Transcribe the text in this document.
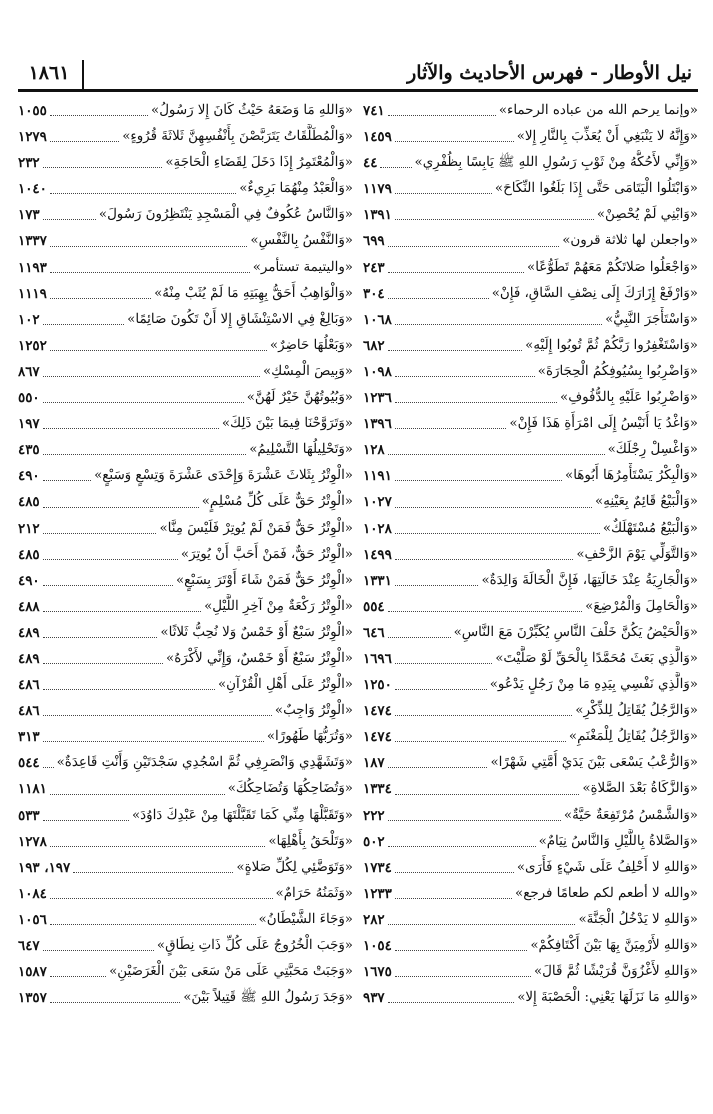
١٨٦١	نيل الأوطار - فهرس الأحاديث والآثار
«وإنما يرحم الله من عباده الرحماء»
٧٤١
«وَإِنَّهُ لا يَنْبَغِي أَنْ يُعَذِّبَ بِالنَّارِ إِلا»
١٤٥٩
«وَإِنِّي لأَحُكُّهُ مِنْ ثَوْبِ رَسُولِ اللهِ ﷺ يَابِسًا بِظُفْرِي»
٤٤
«وَابْتَلُوا الْيَتَامَى حَتَّى إِذَا بَلَغُوا النِّكَاحَ»
١١٧٩
«وَابْنِي لَمْ يُحْصِنْ»
١٣٩١
«واجعلن لها ثلاثة قرون»
٦٩٩
«وَاجْعَلُوا صَلاتَكُمْ مَعَهُمْ تَطَوُّعًا»
٢٤٣
«وَارْفَعْ إِزَارَكَ إِلَى نِصْفِ السَّاقِ، فَإِنْ»
٣٠٤
«وَاسْتَأْجَرَ النَّبِيُّ»
١٠٦٨
«وَاسْتَغْفِرُوا رَبَّكُمْ ثُمَّ تُوبُوا إِلَيْهِ»
٦٨٢
«وَاضْرِبُوا بِسُيُوفِكُمُ الْحِجَارَةَ»
١٠٩٨
«وَاضْرِبُوا عَلَيْهِ بِالدُّفُوفِ»
١٢٣٦
«وَاغْدُ يَا أُنَيْسُ إِلَى امْرَأَةِ هَذَا فَإِنْ»
١٣٩٦
«وَاغْسِلْ رِجْلَكَ»
١٢٨
«وَالْبِكْرُ يَسْتَأْمِرُهَا أَبُوهَا»
١١٩١
«وَالْبَيْعُ قَائِمٌ بِعَيْنِهِ»
١٠٢٧
«وَالْبَيْعُ مُسْتَهْلَكٌ»
١٠٢٨
«وَالتَّوَلِّي يَوْمَ الزَّحْفِ»
١٤٩٩
«وَالْجَارِيَةُ عِنْدَ خَالَتِهَا، فَإِنَّ الْخَالَةَ وَالِدَةٌ»
١٣٣١
«وَالْحَامِلَ وَالْمُرْضِعَ»
٥٥٤
«وَالْحَيْضُ يَكُنَّ خَلْفَ النَّاسِ يُكَبِّرْنَ مَعَ النَّاسِ»
٦٤٦
«وَالَّذِي بَعَثَ مُحَمَّدًا بِالْحَقِّ لَوْ صَلَّيْتَ»
١٦٩٦
«وَالَّذِي نَفْسِي بِيَدِهِ مَا مِنْ رَجُلٍ يَدْعُو»
١٢٥٠
«وَالرَّجُلُ يُقَاتِلُ لِلذِّكْرِ»
١٤٧٤
«وَالرَّجُلُ يُقَاتِلُ لِلْمَغْنَمِ»
١٤٧٤
«وَالرُّعْبُ يَسْعَى بَيْنَ يَدَيْ أُمَّتِي شَهْرًا»
١٨٧
«وَالزَّكَاةُ بَعْدَ الصَّلاةِ»
١٣٣٤
«وَالشَّمْسُ مُرْتَفِعَةٌ حَيَّةٌ»
٢٢٢
«وَالصَّلاةُ بِاللَّيْلِ وَالنَّاسُ نِيَامٌ»
٥٠٢
«وَاللهِ لا أَحْلِفُ عَلَى شَيْءٍ فَأَرَى»
١٧٣٤
«والله لا أطعم لكم طعامًا فرجع»
١٢٣٣
«وَاللهِ لا يَدْخُلُ الْجَنَّةَ»
٢٨٢
«وَاللهِ لأَرْمِيَنَّ بِهَا بَيْنَ أَكْتَافِكُمْ»
١٠٥٤
«وَاللهِ لأَغْزُوَنَّ قُرَيْشًا ثُمَّ قَالَ»
١٦٧٥
«وَاللهِ مَا نَزَلَهَا يَعْنِي: الْحَصْبَةَ إِلا»
٩٣٧
«وَاللهِ مَا وَضَعَهُ حَيْثُ كَانَ إِلا رَسُولُ»
١٠٥٥
«وَالْمُطَلَّقَاتُ يَتَرَبَّصْنَ بِأَنْفُسِهِنَّ ثَلاثَةَ قُرُوءٍ»
١٢٧٩
«وَالْمُعْتَمِرُ إِذَا دَخَلَ لِقَضَاءِ الْحَاجَةِ»
٢٣٢
«وَالْعَبْدُ مِنْهُمَا بَرِيءٌ»
١٠٤٠
«وَالنَّاسُ عُكُوفٌ فِي الْمَسْجِدِ يَنْتَظِرُونَ رَسُولَ»
١٧٣
«وَالنَّفْسُ بِالنَّفْسِ»
١٣٣٧
«واليتيمة تستأمر»
١١٩٣
«وَالْوَاهِبُ أَحَقُّ بِهِبَتِهِ مَا لَمْ يُثَبْ مِنْهُ»
١١١٩
«وَبَالِغْ فِي الاسْتِنْشَاقِ إِلا أَنْ تَكُونَ صَائِمًا»
١٠٢
«وَبَعْلُهَا حَاضِرٌ»
١٢٥٢
«وَبِيصَ الْمِسْكِ»
٨٦٧
«وَبُيُوتُهُنَّ خَيْرٌ لَهُنَّ»
٥٥٠
«وَتَرَوَّحْنَا فِيمَا بَيْنَ ذَلِكَ»
١٩٧
«وَتَحْلِيلُهَا التَّسْلِيمُ»
٤٣٥
«الْوِتْرُ بِثَلاثَ عَشْرَةَ وَإِحْدَى عَشْرَةَ وَتِسْعٍ وَسَبْعٍ»
٤٩٠
«الْوِتْرُ حَقٌّ عَلَى كُلِّ مُسْلِمٍ»
٤٨٥
«الْوِتْرُ حَقٌّ فَمَنْ لَمْ يُوتِرْ فَلَيْسَ مِنَّا»
٢١٢
«الْوِتْرُ حَقٌّ، فَمَنْ أَحَبَّ أَنْ يُوتِرَ»
٤٨٥
«الْوِتْرُ حَقٌّ فَمَنْ شَاءَ أَوْتَرَ بِسَبْعٍ»
٤٩٠
«الْوِتْرُ رَكْعَةٌ مِنْ آخِرِ اللَّيْلِ»
٤٨٨
«الْوِتْرُ سَبْعٌ أَوْ خَمْسٌ وَلا نُحِبُّ ثَلاثًا»
٤٨٩
«الْوِتْرُ سَبْعٌ أَوْ خَمْسٌ، وَإِنِّي لأَكْرَهُ»
٤٨٩
«الْوِتْرُ عَلَى أَهْلِ الْقُرْآنِ»
٤٨٦
«الْوِتْرُ وَاجِبٌ»
٤٨٦
«وَتُرَبُّهَا طَهُورًا»
٣١٣
«وَتَشَهَّدِي وَانْصَرِفِي ثُمَّ اسْجُدِي سَجْدَتَيْنِ وَأَنْتِ قَاعِدَةٌ»
٥٤٤
«وَتُضَاحِكُهَا وَتُضَاحِكُكَ»
١١٨١
«وَتَقَبَّلْهَا مِنِّي كَمَا تَقَبَّلْتَهَا مِنْ عَبْدِكَ دَاوُدَ»
٥٣٣
«وَتَلْحَقُ بِأَهْلِهَا»
١٢٧٨
«وَتَوَضَّئِي لِكُلِّ صَلاةٍ»
١٩٧، ١٩٣
«وَثَمَنُهُ حَرَامٌ»
١٠٨٤
«وَجَاءَ الشَّيْطَانُ»
١٠٥٦
«وَجَبَ الْخُرُوجُ عَلَى كُلِّ ذَاتِ نِطَاقٍ»
٦٤٧
«وَجَبَتْ مَحَبَّتِي عَلَى مَنْ سَعَى بَيْنَ الْغَرَضَيْنِ»
١٥٨٧
«وَجَدَ رَسُولُ اللهِ ﷺ قَتِيلاً بَيْنَ»
١٣٥٧
